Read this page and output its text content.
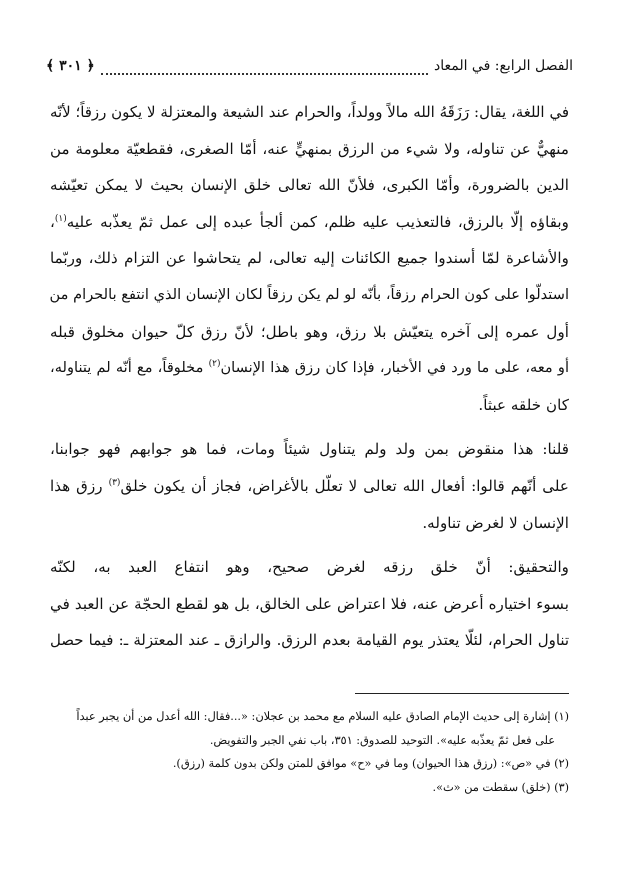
الفصل الرابع: في المعاد
﴿ ٣٠١ ﴾
في اللغة، يقال: رَزَقَهُ الله مالاً وولداً، والحرام عند الشيعة والمعتزلة لا يكون رزقاً؛ لأنّه
منهيٌّ عن تناوله، ولا شيء من الرزق بمنهيٍّ عنه، أمّا الصغرى، فقطعيّة معلومة من
الدين بالضرورة، وأمّا الكبرى، فلأنّ الله تعالى خلق الإنسان بحيث لا يمكن تعيّشه
وبقاؤه إلّا بالرزق، فالتعذيب عليه ظلم، كمن ألجأ عبده إلى عمل ثمّ يعذّبه عليه$^{(١)}$،
والأشاعرة لمّا أسندوا جميع الكائنات إليه تعالى، لم يتحاشوا عن التزام ذلك، وربّما
استدلّوا على كون الحرام رزقاً، بأنّه لو لم يكن رزقاً لكان الإنسان الذي انتفع بالحرام من
أول عمره إلى آخره يتعيّش بلا رزق، وهو باطل؛ لأنّ رزق كلّ حيوان مخلوق قبله
أو معه، على ما ورد في الأخبار، فإذا كان رزق هذا الإنسان$^{(٢)}$ مخلوقاً، مع أنّه لم يتناوله،
كان خلقه عبثاً.
قلنا: هذا منقوض بمن ولد ولم يتناول شيئاً ومات، فما هو جوابهم فهو جوابنا،
على أنّهم قالوا: أفعال الله تعالى لا تعلّل بالأغراض، فجاز أن يكون خلق$^{(٣)}$ رزق هذا
الإنسان لا لغرض تناوله.
والتحقيق: أنّ خلق رزقه لغرض صحيح، وهو انتفاع العبد به، لكنّه
بسوء اختياره أعرض عنه، فلا اعتراض على الخالق، بل هو لقطع الحجّة عن العبد في
تناول الحرام، لئلّا يعتذر يوم القيامة بعدم الرزق. والرازق ـ عند المعتزلة ـ: فيما حصل
(١) إشارة إلى حديث الإمام الصادق عليه السلام مع محمد بن عجلان: «...فقال: الله أعدل من أن يجبر عبداً
على فعل ثمّ يعذّبه عليه». التوحيد للصدوق: ٣٥١، باب نفي الجبر والتفويض.
(٢) في «ص»: (رزق هذا الحيوان) وما في «ح» موافق للمتن ولكن بدون كلمة (رزق).
(٣) (خلق) سقطت من «ث».
